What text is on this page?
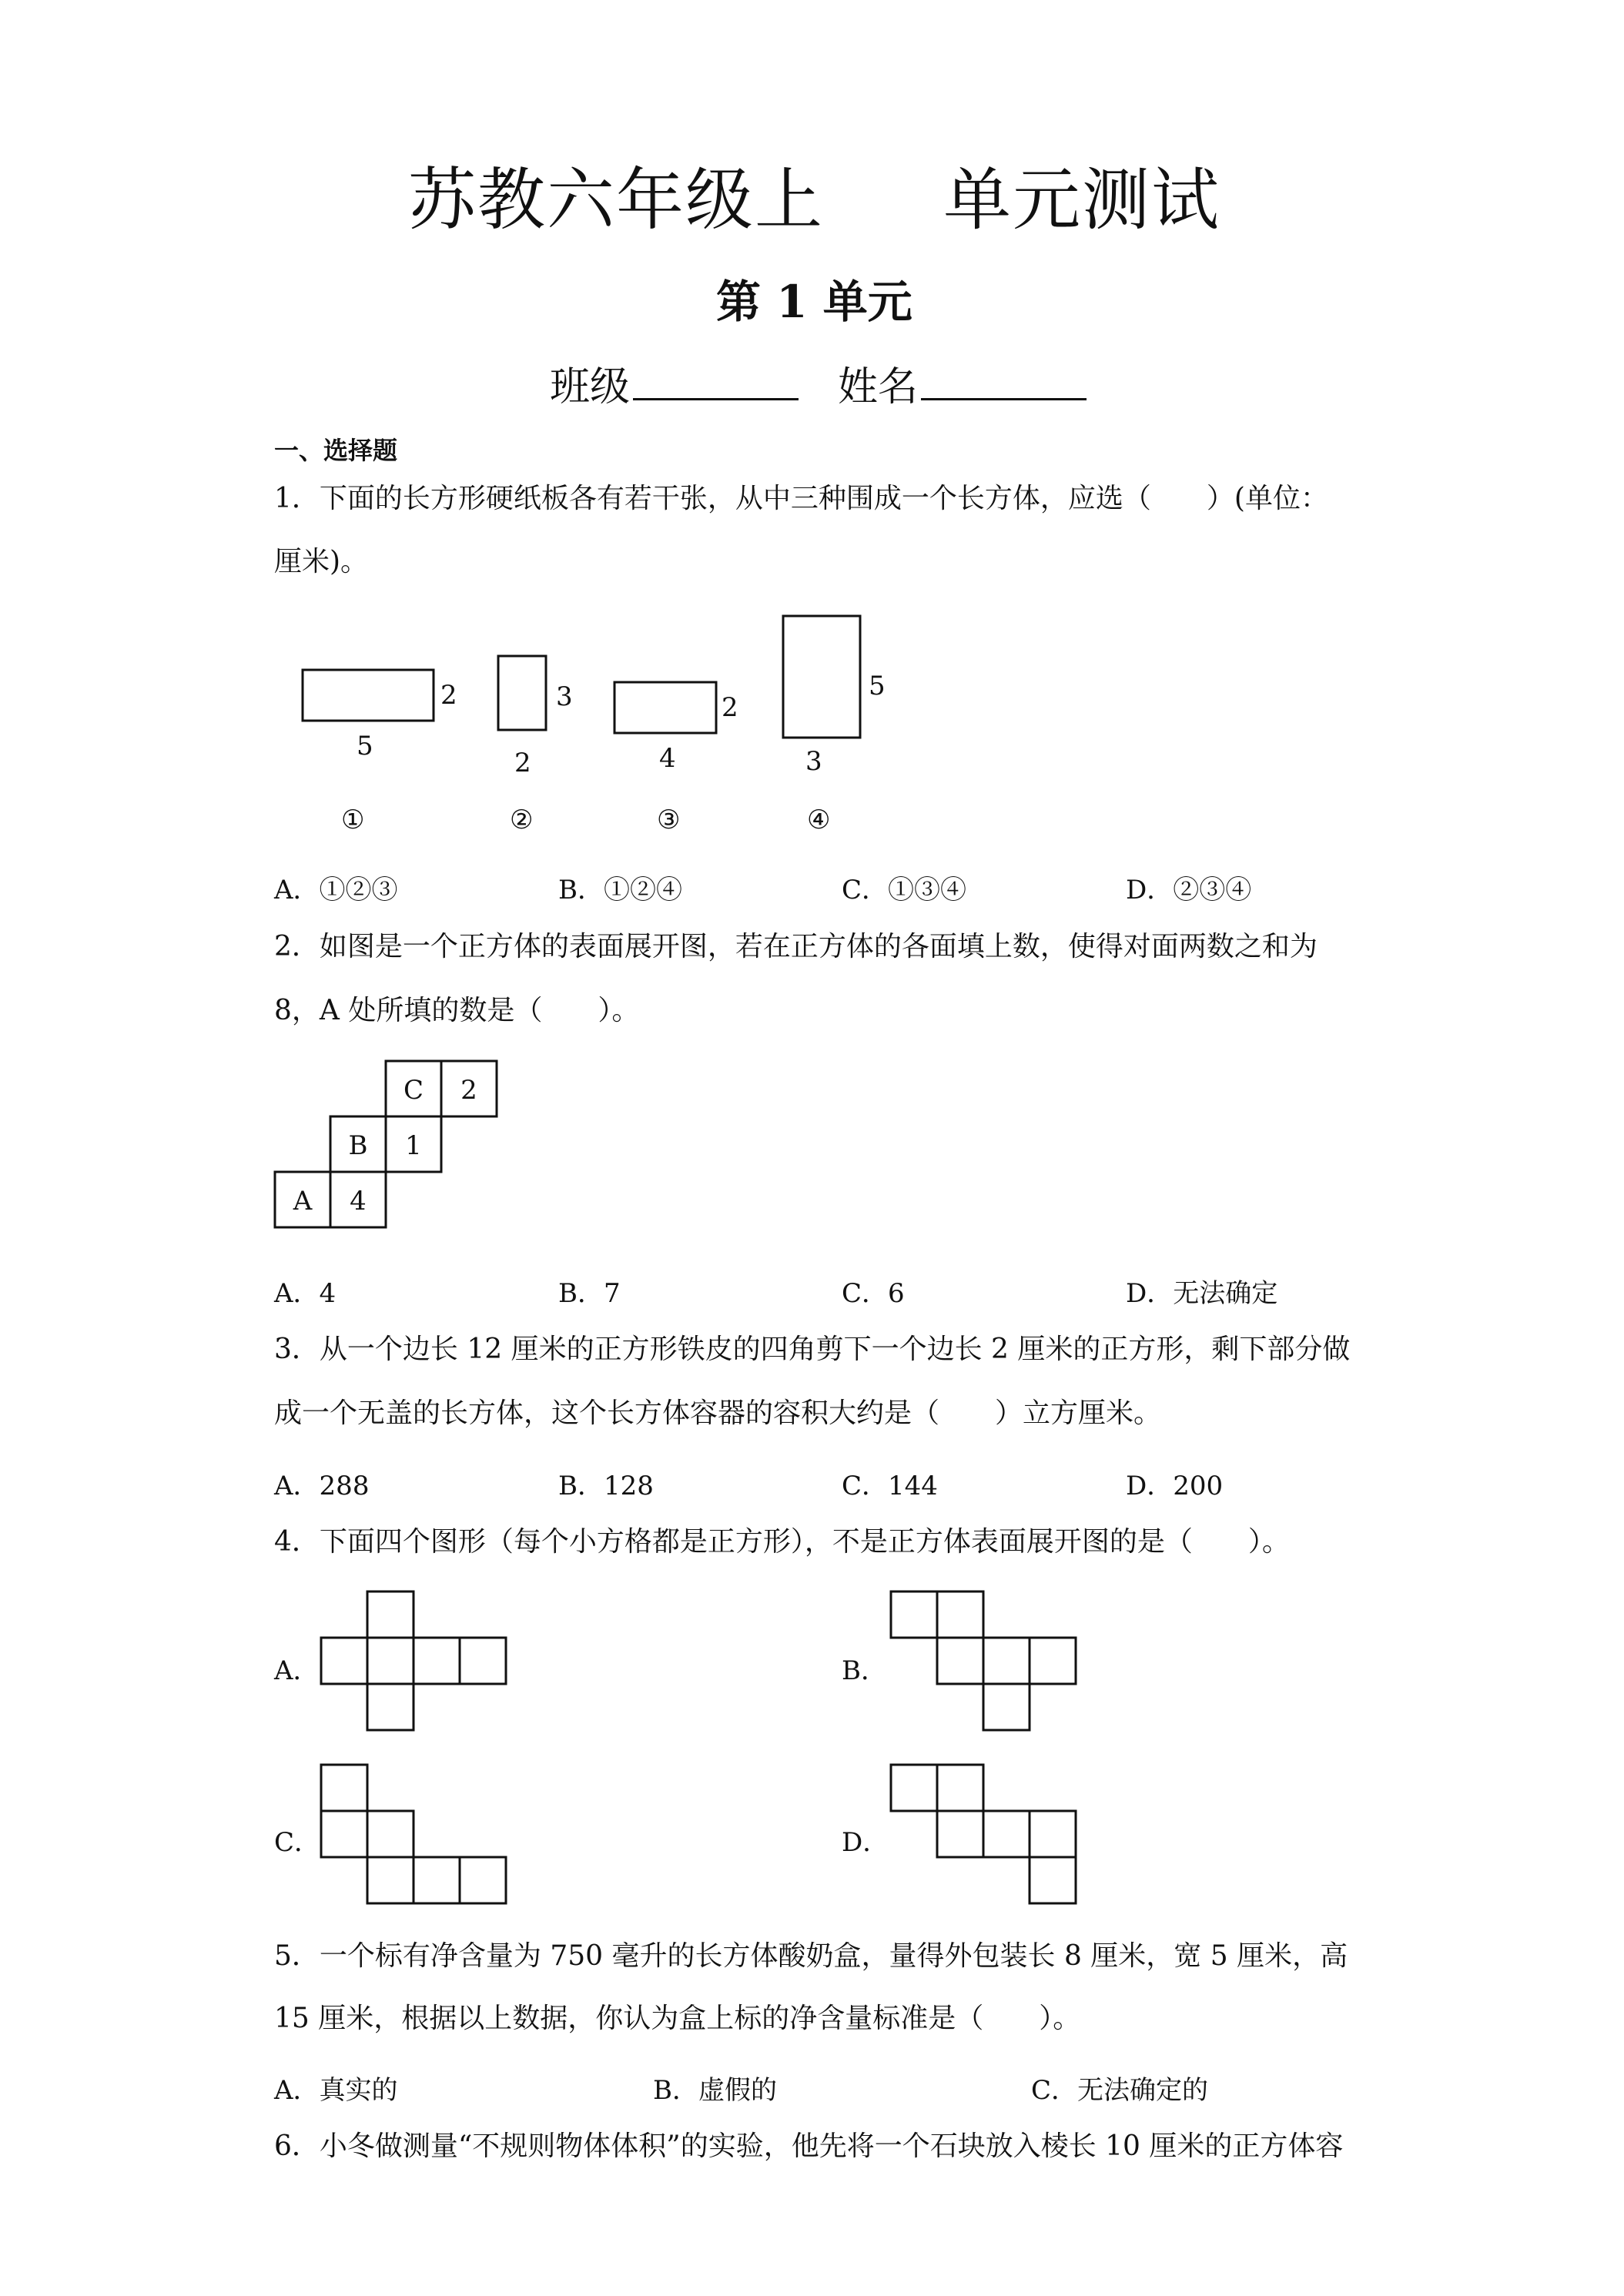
苏教六年级上 单元测试
第 1 单元
班级	姓名
一、选择题
1．下面的长方形硬纸板各有若干张，从中三种围成一个长方体，应选（　　）(单位：
厘米)。
5
2
2
3
4
2
3
5
①	②	③	④
A．①②③	B．①②④	C．①③④	D．②③④
2．如图是一个正方体的表面展开图，若在正方体的各面填上数，使得对面两数之和为
8，A 处所填的数是（　　）。
C 2
B 1
A 4
A．4	B．7	C．6	D．无法确定
3．从一个边长 12 厘米的正方形铁皮的四角剪下一个边长 2 厘米的正方形，剩下部分做
成一个无盖的长方体，这个长方体容器的容积大约是（　　）立方厘米。
A．288	B．128	C．144	D．200
4．下面四个图形（每个小方格都是正方形），不是正方体表面展开图的是（　　）。
A．	B．
C．	D．
5．一个标有净含量为 750 毫升的长方体酸奶盒，量得外包装长 8 厘米，宽 5 厘米，高
15 厘米，根据以上数据，你认为盒上标的净含量标准是（　　）。
A．真实的	B．虚假的	C．无法确定的
6．小冬做测量“不规则物体体积”的实验，他先将一个石块放入棱长 10 厘米的正方体容
